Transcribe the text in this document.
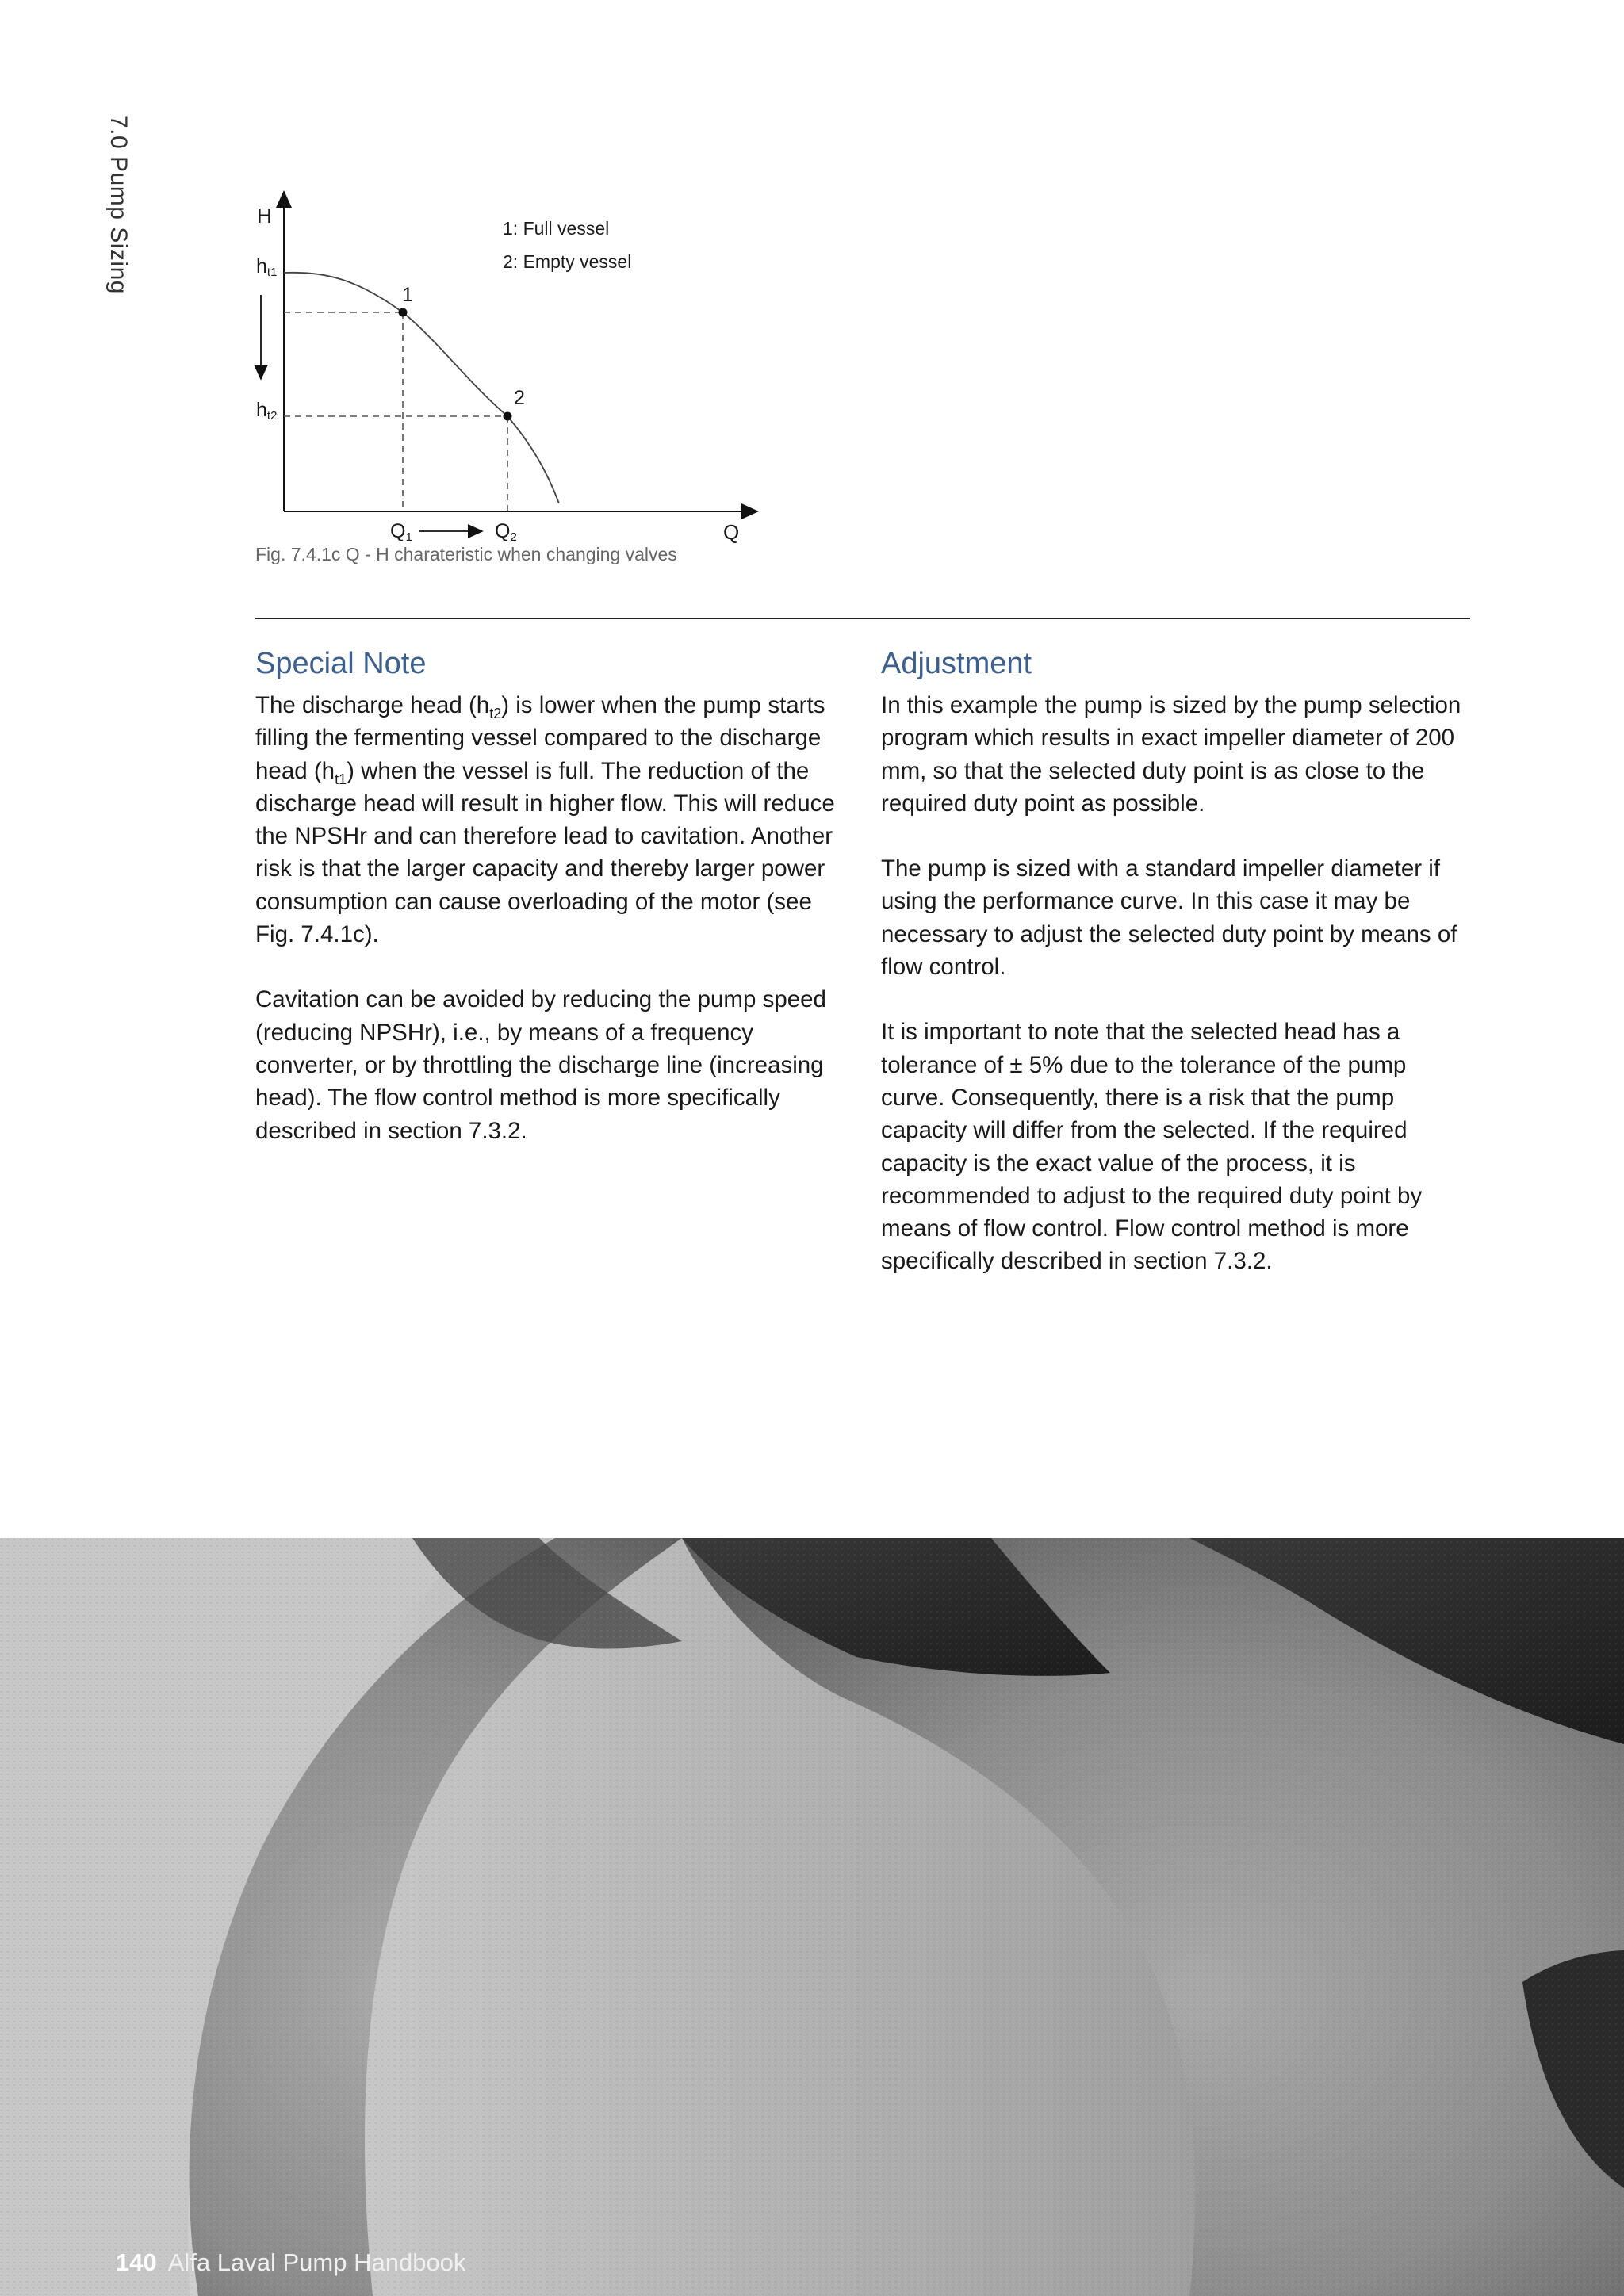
7.0 Pump Sizing	H
Q
ht1
ht2
Q1	Q2
1
2
1: Full vessel
2: Empty vessel
Fig. 7.4.1c Q - H charateristic when changing valves
Special Note

The discharge head $(h_{t2})$ is lower when the pump starts filling the fermenting vessel compared to the discharge head $(h_{t1})$ when the vessel is full. The reduction of the discharge head will result in higher flow. This will reduce the NPSHr and can therefore lead to cavitation. Another risk is that the larger capacity and thereby larger power consumption can cause overloading of the motor (see Fig. 7.4.1c).

Cavitation can be avoided by reducing the pump speed (reducing NPSHr), i.e., by means of a frequency converter, or by throttling the discharge line (increasing head). The flow control method is more specifically described in section 7.3.2.

Adjustment

In this example the pump is sized by the pump selection program which results in exact impeller diameter of 200 mm, so that the selected duty point is as close to the required duty point as possible.

The pump is sized with a standard impeller diameter if using the performance curve. In this case it may be necessary to adjust the selected duty point by means of flow control.

It is important to note that the selected head has a tolerance of ± 5% due to the tolerance of the pump curve. Consequently, there is a risk that the pump capacity will differ from the selected. If the required capacity is the exact value of the process, it is recommended to adjust to the required duty point by means of flow control. Flow control method is more specifically described in section 7.3.2.

140 Alfa Laval Pump Handbook
